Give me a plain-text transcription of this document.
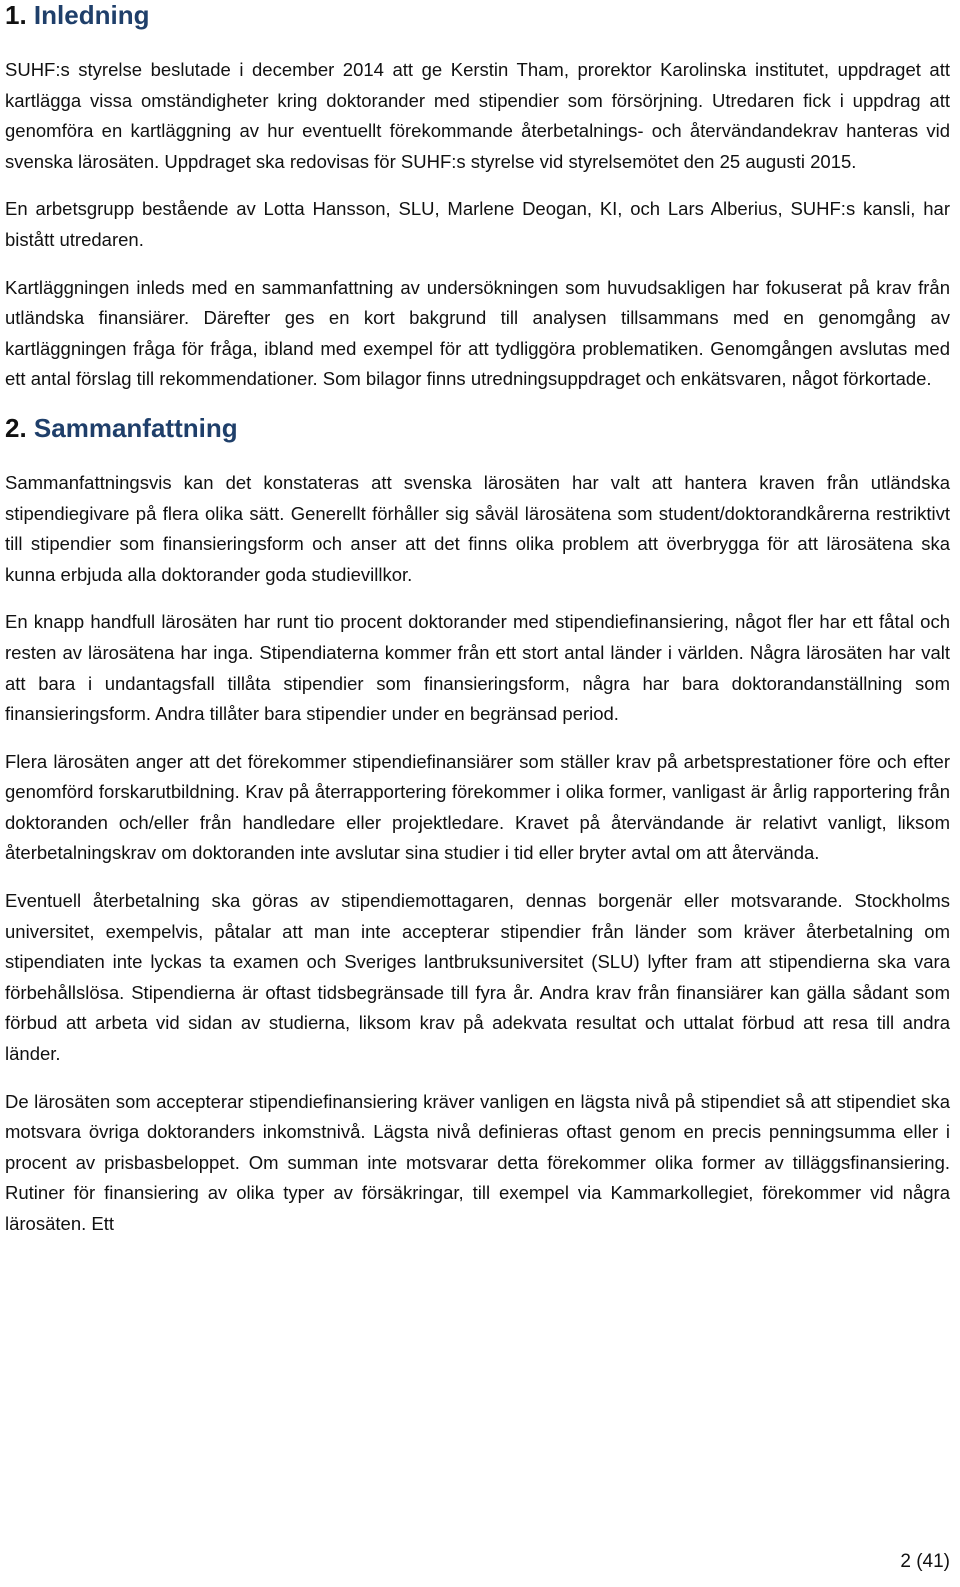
1. Inledning

SUHF:s styrelse beslutade i december 2014 att ge Kerstin Tham, prorektor Karolinska institutet, uppdraget att kartlägga vissa omständigheter kring doktorander med stipendier som försörjning. Utredaren fick i uppdrag att genomföra en kartläggning av hur eventuellt förekommande återbetalnings- och återvändandekrav hanteras vid svenska lärosäten. Uppdraget ska redovisas för SUHF:s styrelse vid styrelsemötet den 25 augusti 2015.

En arbetsgrupp bestående av Lotta Hansson, SLU, Marlene Deogan, KI, och Lars Alberius, SUHF:s kansli, har bistått utredaren.

Kartläggningen inleds med en sammanfattning av undersökningen som huvudsakligen har fokuserat på krav från utländska finansiärer. Därefter ges en kort bakgrund till analysen tillsammans med en genomgång av kartläggningen fråga för fråga, ibland med exempel för att tydliggöra problematiken. Genomgången avslutas med ett antal förslag till rekommendationer. Som bilagor finns utredningsuppdraget och enkätsvaren, något förkortade.

2. Sammanfattning

Sammanfattningsvis kan det konstateras att svenska lärosäten har valt att hantera kraven från utländska stipendiegivare på flera olika sätt. Generellt förhåller sig såväl lärosätena som student/doktorandkårerna restriktivt till stipendier som finansieringsform och anser att det finns olika problem att överbrygga för att lärosätena ska kunna erbjuda alla doktorander goda studievillkor.

En knapp handfull lärosäten har runt tio procent doktorander med stipendiefinansiering, något fler har ett fåtal och resten av lärosätena har inga. Stipendiaterna kommer från ett stort antal länder i världen. Några lärosäten har valt att bara i undantagsfall tillåta stipendier som finansieringsform, några har bara doktorandanställning som finansieringsform. Andra tillåter bara stipendier under en begränsad period.

Flera lärosäten anger att det förekommer stipendiefinansiärer som ställer krav på arbetsprestationer före och efter genomförd forskarutbildning. Krav på återrapportering förekommer i olika former, vanligast är årlig rapportering från doktoranden och/eller från handledare eller projektledare. Kravet på återvändande är relativt vanligt, liksom återbetalningskrav om doktoranden inte avslutar sina studier i tid eller bryter avtal om att återvända.

Eventuell återbetalning ska göras av stipendiemottagaren, dennas borgenär eller motsvarande. Stockholms universitet, exempelvis, påtalar att man inte accepterar stipendier från länder som kräver återbetalning om stipendiaten inte lyckas ta examen och Sveriges lantbruksuniversitet (SLU) lyfter fram att stipendierna ska vara förbehållslösa. Stipendierna är oftast tidsbegränsade till fyra år. Andra krav från finansiärer kan gälla sådant som förbud att arbeta vid sidan av studierna, liksom krav på adekvata resultat och uttalat förbud att resa till andra länder.

De lärosäten som accepterar stipendiefinansiering kräver vanligen en lägsta nivå på stipendiet så att stipendiet ska motsvara övriga doktoranders inkomstnivå. Lägsta nivå definieras oftast genom en precis penningsumma eller i procent av prisbasbeloppet. Om summan inte motsvarar detta förekommer olika former av tilläggsfinansiering. Rutiner för finansiering av olika typer av försäkringar, till exempel via Kammarkollegiet, förekommer vid några lärosäten. Ett

2 (41)
